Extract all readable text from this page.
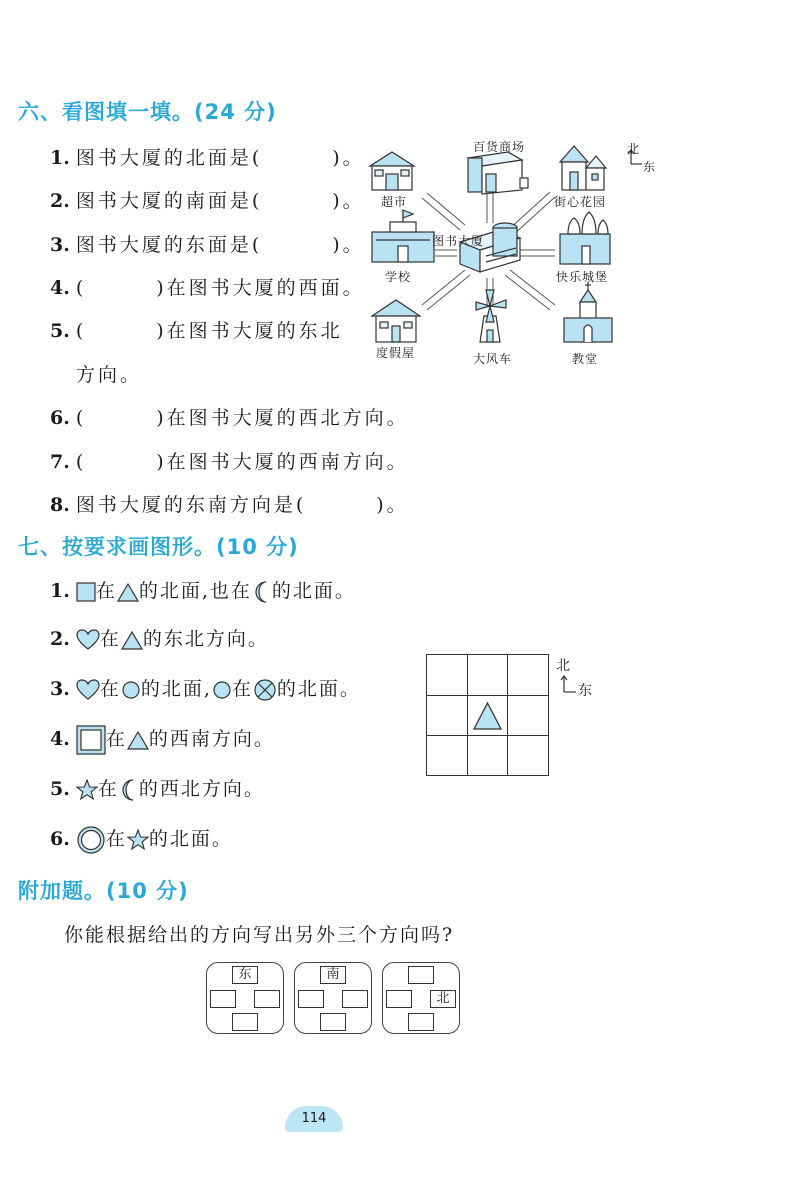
六、看图填一填。(24 分)
1. 图书大厦的北面是(	)。
2. 图书大厦的南面是(	)。
3. 图书大厦的东面是(	)。
4. (	)在图书大厦的西面。
5. (	)在图书大厦的东北
方向。
6. (	)在图书大厦的西北方向。
7. (	)在图书大厦的西南方向。
8. 图书大厦的东南方向是(	)。
百货商场
街心花园
快乐城堡
教堂
大风车
度假屋
学校
超市
图书大厦
北
东
七、按要求画图形。(10 分)
1. 在 的北面,也在 的北面。
2. 在 的东北方向。
3. 在 的北面, 在 的北面。
4. 在 的西南方向。
5. 在 的西北方向。
6. 在 的北面。
北
东
附加题。(10 分)
你能根据给出的方向写出另外三个方向吗?
东	南
北
114
